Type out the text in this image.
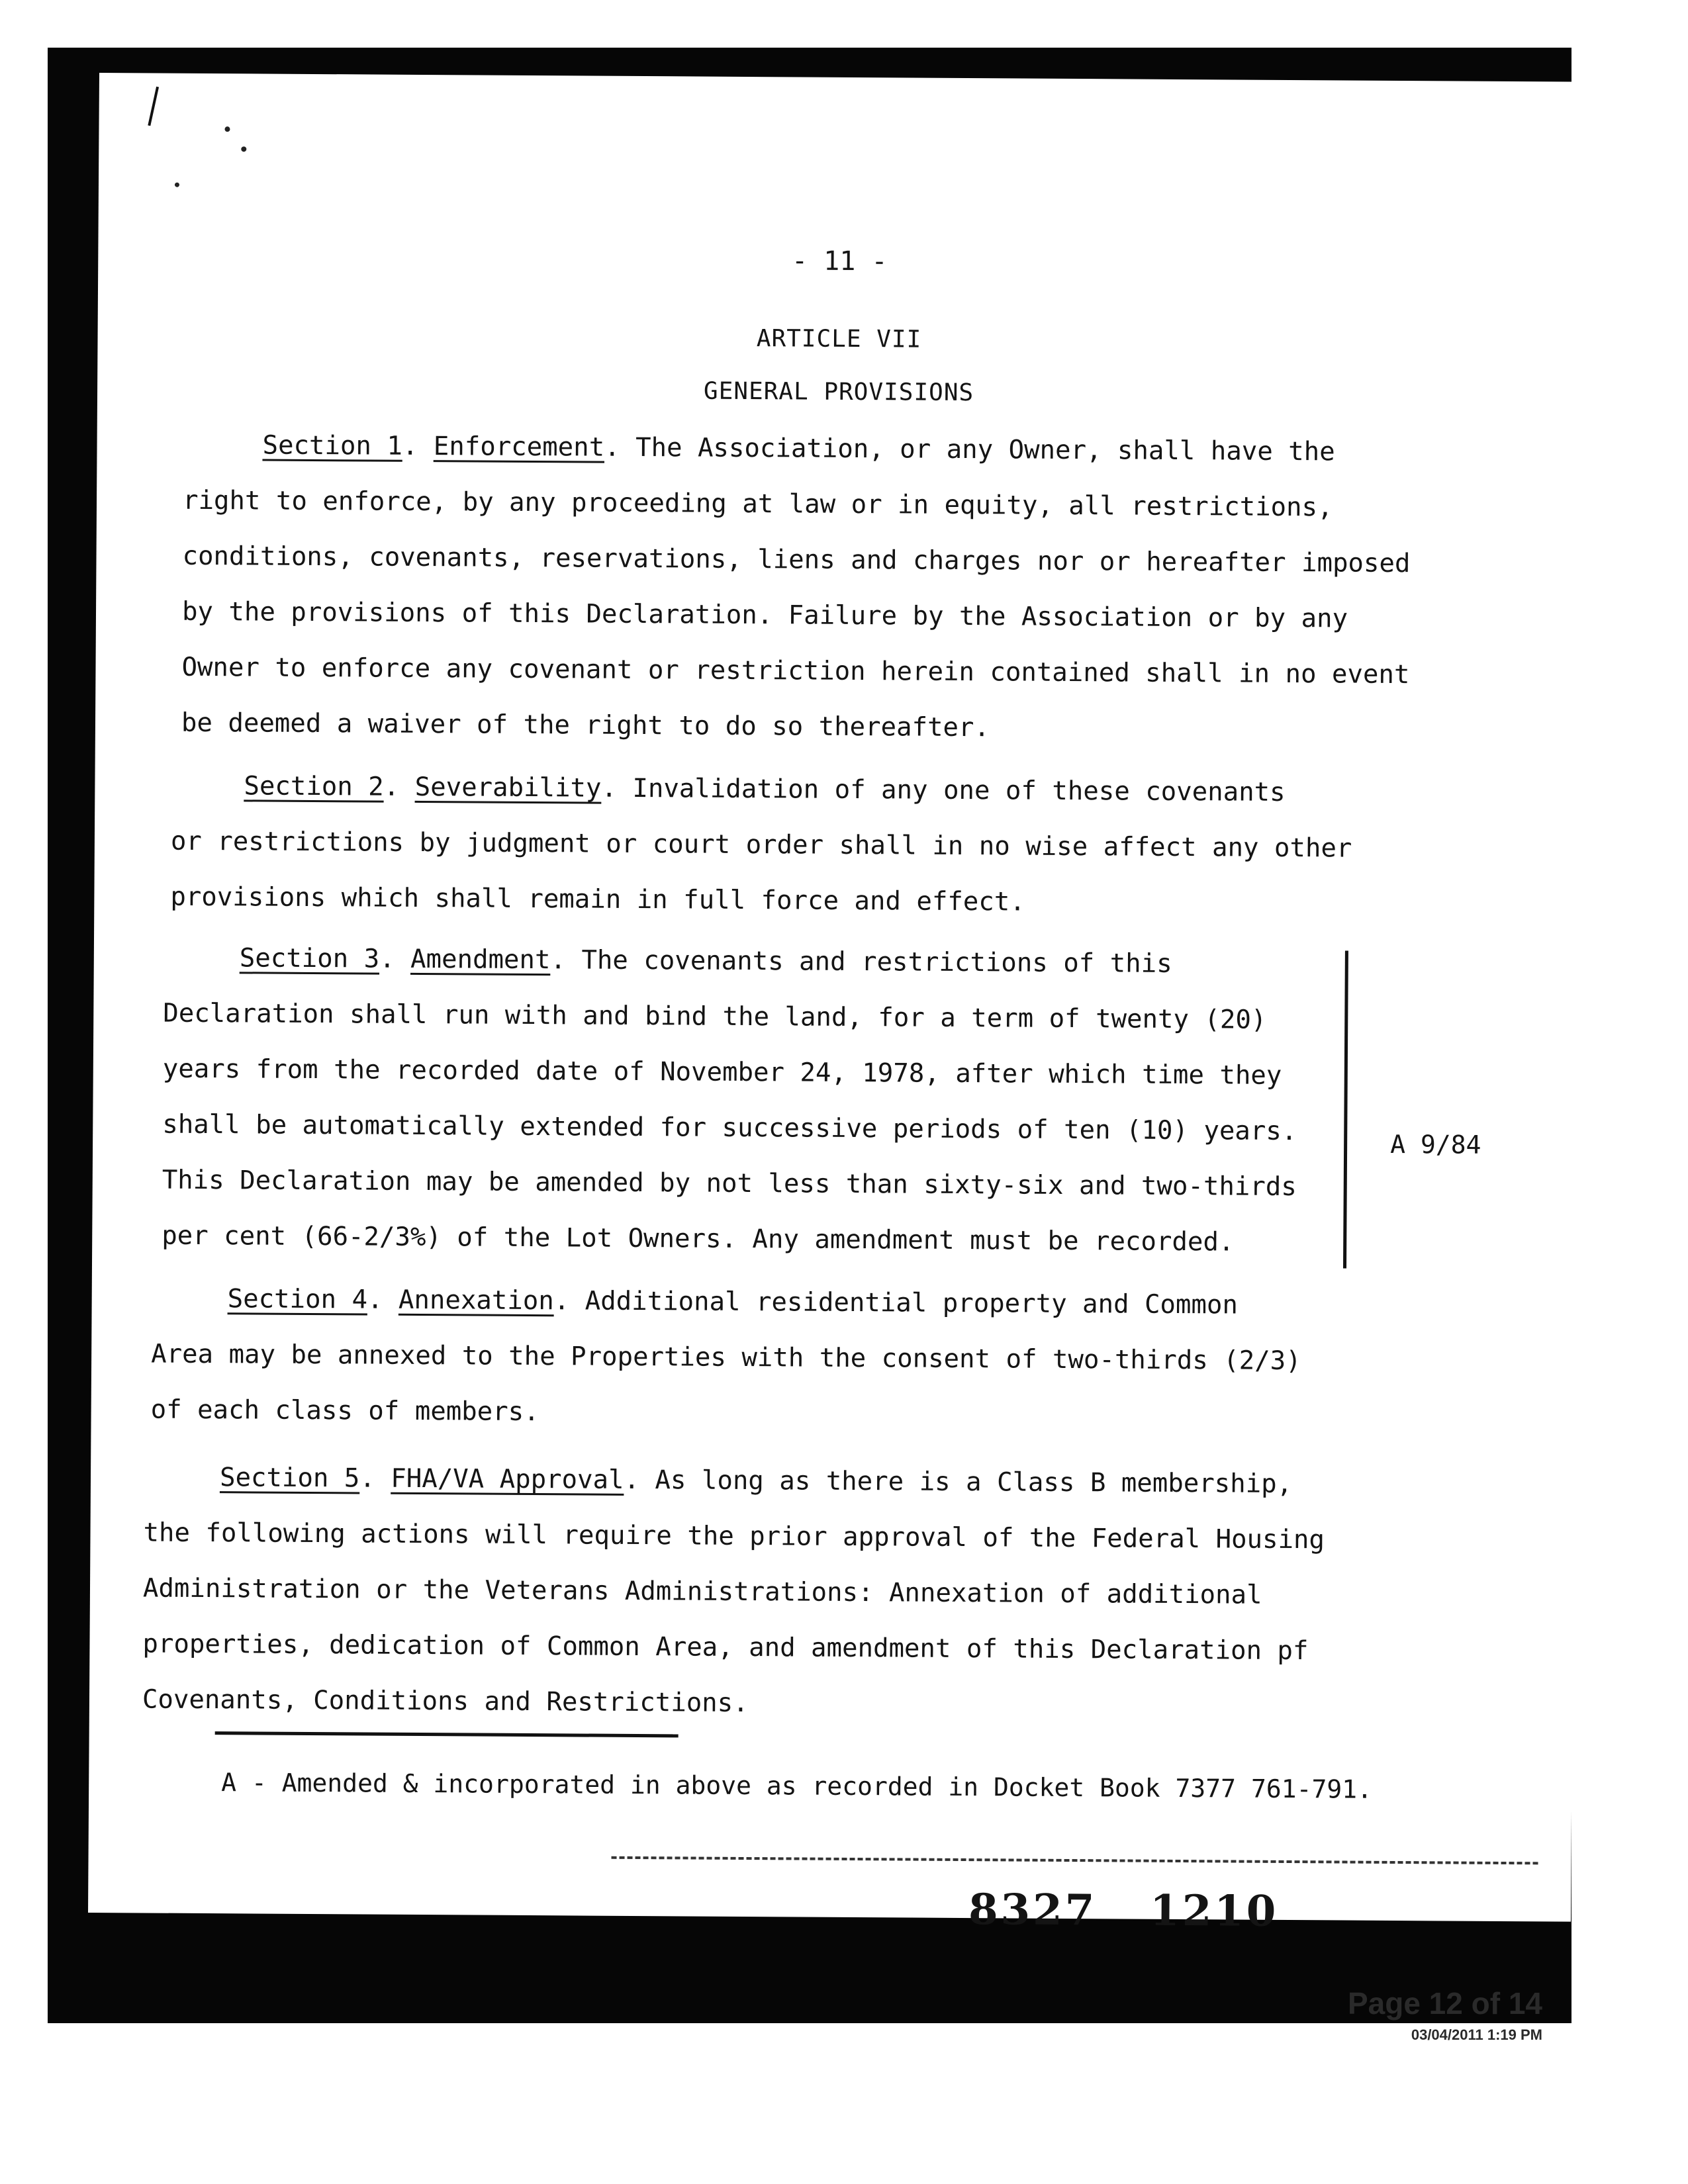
- 11 -
ARTICLE VII
GENERAL PROVISIONS

Section 1. Enforcement. The Association, or any Owner, shall have the

right to enforce, by any proceeding at law or in equity, all restrictions,

conditions, covenants, reservations, liens and charges nor or hereafter imposed

by the provisions of this Declaration. Failure by the Association or by any

Owner to enforce any covenant or restriction herein contained shall in no event

be deemed a waiver of the right to do so thereafter.

Section 2. Severability. Invalidation of any one of these covenants

or restrictions by judgment or court order shall in no wise affect any other

provisions which shall remain in full force and effect.

Section 3. Amendment. The covenants and restrictions of this

Declaration shall run with and bind the land, for a term of twenty (20)

years from the recorded date of November 24, 1978, after which time they

shall be automatically extended for successive periods of ten (10) years.

This Declaration may be amended by not less than sixty-six and two-thirds

per cent (66-2/3%) of the Lot Owners. Any amendment must be recorded.

A 9/84

Section 4. Annexation. Additional residential property and Common

Area may be annexed to the Properties with the consent of two-thirds (2/3)

of each class of members.

Section 5. FHA/VA Approval. As long as there is a Class B membership,

the following actions will require the prior approval of the Federal Housing

Administration or the Veterans Administrations: Annexation of additional

properties, dedication of Common Area, and amendment of this Declaration pf

Covenants, Conditions and Restrictions.

A - Amended & incorporated in above as recorded in Docket Book 7377 761-791.
8327 1210
Page 12 of 14
03/04/2011 1:19 PM
